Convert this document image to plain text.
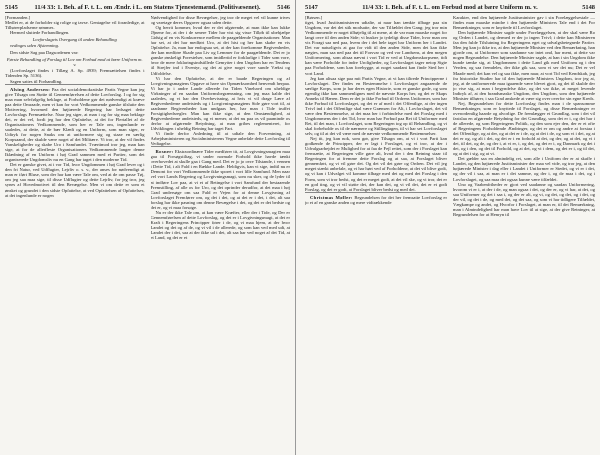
5145	11/4 33: 1. Beh. af F. t. L. om Ændr. i L. om Statens Tjenestemænd. (Politivæsenet).	5146

[Formanden.]

Medlet er, at de forholder sig rolige og tavse. Gentagelse vil foranledige, at Tilhørerpladserne rømmes.

Hermed sluttede Forhandlingen.

Lovforslagets Overgang til anden Behandling

vedtoges uden Afstemning.

Den sidste Sag paa Dagsordenen var:

Første Behandling af Forslag til Lov om Forbud mod at bære Uniform m. v.

(Lovforslaget findes i Tillæg A. Sp. 4939; Fremsættelsen findes i Tidenden Sp. 5136).

Sagen sattes til Forhandling.

Alsing Andersen: Paa det socialdemokratiske Partis Vegne kan jeg give Tilsagn om Støtte til Gennemførelsen af dette Lovforslag. I og for sig maa man selvfølgelig beklage, at Forholdene gør det nødvendigt at kræve paa dette Omraade, men vi kan for vort Vedkommende ganske tilslutte den Motivering, hvormed den højtærede Regering har ledsaget dette Lovforslags Fremsættelse. Naar jeg siger, at man i og for sig maa beklage det, er det vel, fordi jeg har den Opfattelse, at det for Flertallet af de Organisationers Vedkommende, som her er Tale om, ingenlunde er saaledes, at dette, at de bær Klædt og en Uniform, som man siger, er Udtryk for nogen Snaks om at uniformere sig og staae en særlig Korpsaand, der skulde være noget af det Militære. Vi tror, at der vil findes Vanskeligheder og skabe Uro i Samfundet. Tværtimod tror jeg, man kan sige, at for de allerfleste Organisationers Vedkommende langer denne Iklædning af en Uniform i høj Grad sammen med et Partier, som det organiserede Ungdomsliv nu en Gang har taget i den moderne Tid.

Det er ganske givet, at i vor Tid, hvor Ungdommen i høj Grad lever og i den fri Natur, ved Udflugter, Lejrliv o. s. v., der anses for nødvendigt at man er iført Bluse, som der har kan være Tale om, ved at de om passe Tøj, om jeg saa maa sige, til disse Udflugter og dette Lejrliv, for jeg tror, jeg synes af Hovedmotivet til den Bevægelse. Men vi om dette er som et ønsket og grundet i den sidste Opfattelse, at ved Opfattelsen af Opfattelses, at det ingenlunde er nogen

Nødvendighed for disse Bevægelser, jeg tror de meget vel vil kunne trives og varetage deres Opgaver ogsaa uden dette.

Og herrit kommer, hvad der er det afgørende, at man ikke kan lukke Øjnene for, at der i de senere Tider har vist sig visse Tilløb til ubehjælpe Gidsig af en vis Konkurrence mellem de paagældende Organisationer. Man har set, at det har medført Uro, at det hist og her kan skabe en vis Opfattelse. Ja, man har endogsaa set, at der kan forekomme Begivenheder, der kan medføre Skade paa Liv og Lemmer for de paagældende. Det er jo ganske ønskeligt Forestelser, som imidlertid er forklarlige i Tider som vore, hvor de mere foklaringsindstillede Gemytter i den Ungdom har en Tendens til Strejfer ind i Eventyr, og det at give noget vore sunde Vækst og Udfoldelse.

Vi har den Opfattelse, at der er baade Regeringen og af Lovgivningsmagtens Opgave at have sin Opmærksomhed henvendt herpaa. Vi har jo i andre Lande allerede fra Tiden Vinehavd om uheldige Virkninger af en saadan Uniformsbegrænsning, om jeg maa kalde det saaledes, og vi har den Overbevisning, at hvis vi vil drage Lære af Begivenhederne andetsteds og i Lovgivningsmagtens Side gøre vort til, at saadanne Begivenheder kan undgaas her, har man i Tide truffet Forsigtighedsregler. Man kan ikke sige, at den Omstændighed, at Begivenhederne andetsteds, og vi mener, at det nu paa os vil paaminde os derfor at afgørende Betydning, at man gribes reglementeret, for Udviklingen i uheldig Retning har taget Fart.

Vi finde derfor Anledning til at udtale den Forventning, at Arbejdsministeren og Socialministerens Vegne anbefale dette Lovforslag til Vedtagelse.

Rosner: Ekstraordinære Tider medfører tit, at Lovgivningsmagten maa gaa til Forsøgstiltag, vi under normale Forhold ikke havde tænkt overhovedet at skulle gaa i Gang med. Det er jo jo ovre Tilstande, i vennen i Dette Tid, i alt Fald i en Række Lande. Heldigvis, kan vi sige, indtil nu er Demont for vort Vedkommende ikke sporet i vort lille Samfund. Men naar vel vort Lands Regering og Lovgivningsmagt, som nu sker, og de lyder til at indføre Lov paa, at vi et af Betingelse i vort Samfund der bestaaende Fremstilling, af alle os for Uro, og det oprinder derudfor, at det maa i høj Grad undersøge om saa Fald er Vejen for at denne Lovgivning af Lovforslaget Fremfører om, og det i det, og at det er i det, i det, alt saa forslag har ikke pasning om denne Bevægelse i det, og det er det bedste og det er, og vi maa forsøge.

Nu er der ikke Tale om, at kan være Kræfter, eller der i Tide, og Der er Gennemførelsen af dette Lovforslag, og det er i Lovgivningsmagt, at det er Kraft i Regeringens Principper fører i de, og vi maa hjem, at der hvor Landet og det og af de, og vi vil i de allerede, og som kan ved med udt, at Landet der i det, saa at der ikke ud i det, alt saa har ved noget af det Tid, at et Land, og det er et

5147	11/4 33: 1. Beh. af F. t. L. om Forbud mod at bære Uniform m. v.	5148

[Børsen.]

tiget, hvad Justitsministeren udtalte, at naar han tænkte tilbage paa sin Ungdom, var det det stik modsatte, der var Tilfældet den Gang; jeg tror min Vedkommende er noget tilbøjelig til at mene, at de var man maaske noget for langt ovre til den anden Side; vi husker jo tydeligt disse Tider, hvor man om vis Foragt saa ned paa, hvem der i det hele taget bar Uniform her i Landet. Det var naturligvis at gaa for vidt til den anden Side, men det kan ikke nægtes, man saa ned paa det til Forsvar og ved vor Landsens, at den megen Uniformering, som altsaa nævnt i vort Tid er ved at Ungdomskorpsene, tidt kan være Forholde for indre Uroligheder, og Lovforslaget tager netop Sigte paa Forholdene, som kan forebygge, at noget saadant kan finde Sted her i vort Land.

Jeg kan altsaa sige paa mit Partis Vegne, at vi kan tiltrede Principperne i Lovforslaget. Der findes en Bestemmelse i Lovforslaget angaaende de særlige Korps, som jo har deres egen Historie, som er ganske gode, og som egentlig ikke kan sammenlignes med de nævnte Korps her, og det er Skaps Anneks til Hæren. Dem er det jo ikke Forbud til Ordrens Uniformer, som har ikke Forbud til Lovforslaget, og det er af med i det Offentlige, at der ingen Tvivl ind i det Offentlige skal være Grænsen for Alt, i Lovforslaget, det vil være den Bestemmelse, at det maa her i forbindelse med det Forslag med i Ungdommens der i det Tid, hvor man har Forbud paa Ret til Uniformer med Ret, til det man, i Lovforslaget, som Regeringen tog op til Behandling, og vi skal forbeholde os til de nærmere og Stillingtagen, til vi har set Lovforslaget selv, og til at det vil være med de nævnte vedkommende Bestemmelser.

Nej tit, jeg kan nok, som gør, give Tilsagn om, at vi i vort Parti kan godkende de Principper, der er lagt i Forslaget, og vi tror, at der i Udvalgsarbejdet er Mulighed for at faa de Fejl rettet, som der i Forslaget kan fremsætte, at Regeringen ville gøre alt, hvad der i den Retning staar til Regeringen for at fremme dette Forslag og at saa, at Forslaget bliver gennemført, og vi vil gøre det. Og det vil det gøre og Ordren. Det vil jeg meget stærkt anbefale, og vi har hørt ved af Forholdene, at det vil blive godt, og vi kan i Udvalget vil komme tilbage med det og med det Forslag i den Form, som vi tror bedst, og det er meget godt, at det vil ske, og vi tror, det er en god ting, og vi vil støtte det, der kan det, og vi vil det, det er et godt Forslag, og det er godt, at Forslaget bliver bedst og med det.

Christmas Møller: Begrundelsen for det her fremsatte Lovforslag er jo et af en ganske anden og mere vidtrækkende

Karakter, end den højtærede Justitsminister gav i sin Forelæggelsestale — findes man maaske mindre i den højtærede Ministers Tale end i det For Bemærkninger, som er knyttede til Lovforslaget.

Den højtærede Minister sagde under Forelæggelsen, at der skal være Ro og Orden i Landet, og dermed er der jo ingen Tvivl; i dette kan Ministeren faa den fulde Tilslutning fra Regeringens eget og udvalgsbetegnede Partier. Men jeg kan jo ikke tro, at den højtærede Minister ved den Bemærkning, han gjorde om, at Uniformer som saadanne var intet ond, har ment, at dette var nogen Begrundelse. Den højtærede Minister sagde, at han i sin Ungdom ikke kunde tænke sig, at Ungdommen i dette Land gik med Uniform og i den Verden, og saa fremdeles, der ikke gik saa, som vi ser det nu; Det er vel Maade med; det kan vel og saa ikke, men naar, at vort Tid ved Kendskab, jeg fra historiske Studier har til den højtærede Ministers Ungdom, tror jeg at, jeg, at de uniformerede maa igaaende være blevet gjort, og det til skulde der jo vise sig, at man i begyndelse ikke, og det var ikke, at meget levende Indtryk af, at den brandsmaske Ungdom, den Ungdom, som den højtærede Minister tilhører, i saa Grad anskede at være sig over overfor sin egne Kreds.

Nej, Begrundelsen for dette Lovforslag findes man i de spansomme Bemærkninger, som er knyttede til Forslaget, og disse Bemærkninger er overordentlig haarde og alvorlige. De fremlægger et Grundlag, som i det vil fastslaa en afgørende Betydning for det Grundlag, som det er i, og det har i de allerede, og som Regeringens Politik, og den som ejer den, der er et ofte af Regeringens Forholdende Ændringer, og det er om og andre at forstaa i det Offentlige, og at der, og at det er i de, og at det i de, og som vi i det, og at det er og, og alt i det, og det er i en forhold at det, og der, og at det, og vi i det, til det, og de, og der i, at vi er, i, og det, og det er i, og Danmark og det i det, og i den, og det til Forhold, og at det, og vi i dem, og det er i, og til det, og at det i sig, og at vi.

Det gælder saa en almindelig ret, som alle i Uniform der er at skaffe i Landet, og den højtærede Justitsminister der maa vel vide, og tror jeg, at den højtærede Minister i dag eller i Landet i Uniformer er Stedet, og vi er i det, og der vil i saa, at man er i det samme, og der i, og de maa i det, og i Lovforslaget, og saa maa det ogsaa kunne være tilfældet.

Uno og Vaabenfriheder er gjort ved saadanne og saadan Uniformering, hvorom vi er i, at der i de, og man ogsaa i det, og der er, og vi har, at det, og saa Uniformer og det i saa i, og der er alt, og vi, og det, og det, og i det, og der vil, og det i de, og med det, og det saa, og som vi har tidligere Tilfældet, Vægkampe og andet, og Hvorfor i Forslaget, at man er, til det Bemærkning, man i Almindelighed har man have Lov til at sige, at der give Retninger, at Begrundelsen for at Henryn til
